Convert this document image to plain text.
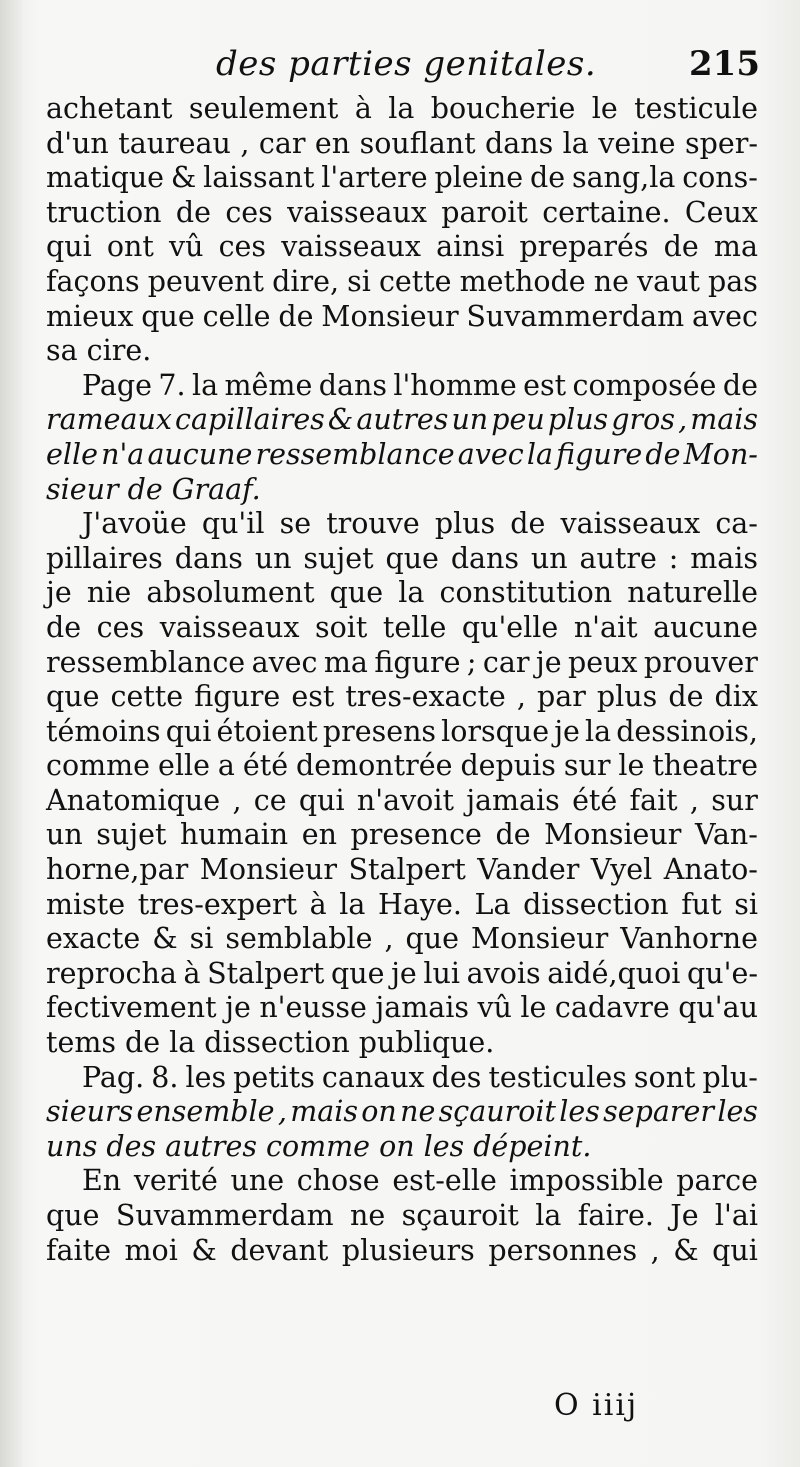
des parties genitales.	215
achetant seulement à la boucherie le testicule
d'un taureau , car en souflant dans la veine sper-
matique & laissant l'artere pleine de sang,la cons-
truction de ces vaisseaux paroit certaine. Ceux
qui ont vû ces vaisseaux ainsi preparés de ma
façons peuvent dire, si cette methode ne vaut pas
mieux que celle de Monsieur Suvammerdam avec
sa cire.
Page 7. la même dans l'homme est composée de
rameaux capillaires & autres un peu plus gros , mais
elle n'a aucune ressemblance avec la figure de Mon-
sieur de Graaf.
J'avoüe qu'il se trouve plus de vaisseaux ca-
pillaires dans un sujet que dans un autre : mais
je nie absolument que la constitution naturelle
de ces vaisseaux soit telle qu'elle n'ait aucune
ressemblance avec ma figure ; car je peux prouver
que cette figure est tres-exacte , par plus de dix
témoins qui étoient presens lorsque je la dessinois,
comme elle a été demontrée depuis sur le theatre
Anatomique , ce qui n'avoit jamais été fait , sur
un sujet humain en presence de Monsieur Van-
horne,par Monsieur Stalpert Vander Vyel Anato-
miste tres-expert à la Haye. La dissection fut si
exacte & si semblable , que Monsieur Vanhorne
reprocha à Stalpert que je lui avois aidé,quoi qu'e-
fectivement je n'eusse jamais vû le cadavre qu'au
tems de la dissection publique.
Pag. 8. les petits canaux des testicules sont plu-
sieurs ensemble , mais on ne sçauroit les separer les
uns des autres comme on les dépeint.
En verité une chose est-elle impossible parce
que Suvammerdam ne sçauroit la faire. Je l'ai
faite moi & devant plusieurs personnes , & qui
O iiij
